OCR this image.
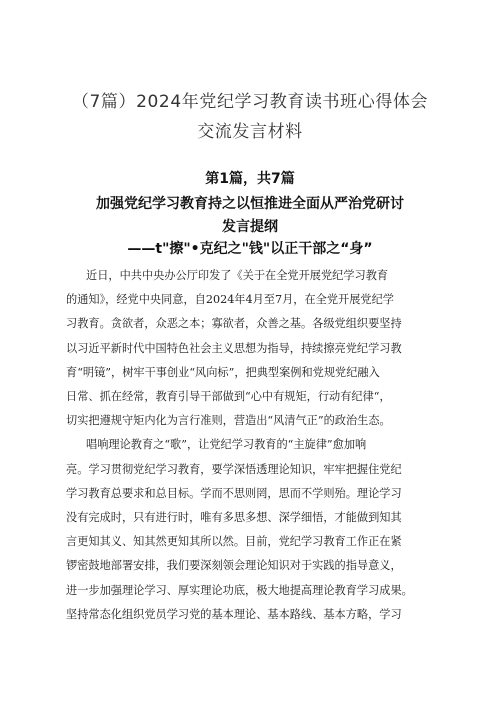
（7篇）2024年党纪学习教育读书班心得体会
交流发言材料
第1篇，共7篇
加强党纪学习教育持之以恒推进全面从严治党研讨
发言提纲
——t"擦"•克纪之"钱"以正干部之“身”
近日，中共中央办公厅印发了《关于在全党开展党纪学习教育
的通知》，经党中央同意，自2024年4月至7月，在全党开展党纪学
习教育。贪欲者，众恶之本；寡欲者，众善之基。各级党组织要坚持
以习近平新时代中国特色社会主义思想为指导，持续擦亮党纪学习教
育“明镜”，树牢干事创业“风向标”，把典型案例和党规党纪融入
日常、抓在经常，教育引导干部做到“心中有规矩，行动有纪律“，
切实把遵规守矩内化为言行准则，营造出“风清气正”的政治生态。
唱响理论教育之“歌”，让党纪学习教育的“主旋律”愈加响
亮。学习贯彻党纪学习教育，要学深悟透理论知识，牢牢把握住党纪
学习教育总要求和总目标。学而不思则罔，思而不学则殆。理论学习
没有完成时，只有进行时，唯有多思多想、深学细悟，才能做到知其
言更知其义、知其然更知其所以然。目前，党纪学习教育工作正在紧
锣密鼓地部署安排，我们要深刻领会理论知识对于实践的指导意义，
进一步加强理论学习、厚实理论功底，极大地提高理论教育学习成果。
坚持常态化组织党员学习党的基本理论、基本路线、基本方略，学习
